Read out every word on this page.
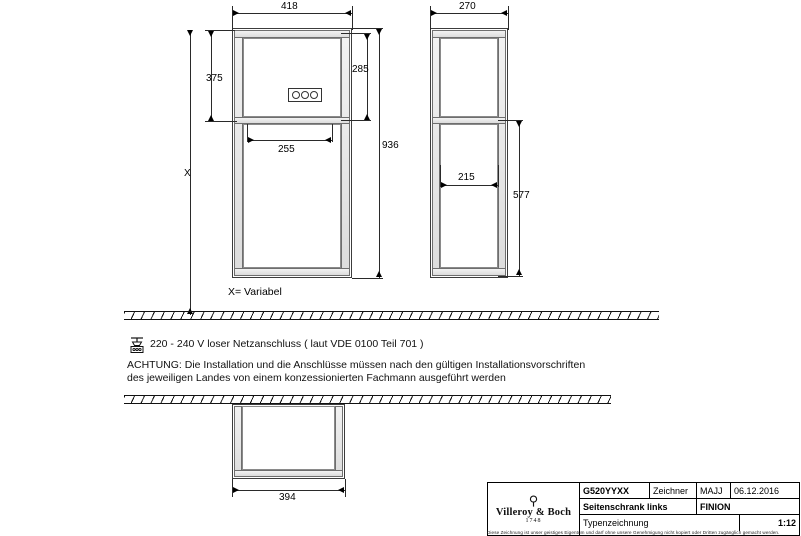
418
375
285
936
255
X
X= Variabel
270
215
577
220 - 240 V loser Netzanschluss ( laut VDE 0100 Teil 701 )
ACHTUNG: Die Installation und die Anschlüsse müssen nach den gültigen Installationsvorschriften
des jeweiligen Landes von einem konzessionierten Fachmann ausgeführt werden
394	⚲
Villeroy & Boch
1748
G520YYXX	Zeichner	MAJJ	06.12.2016
Seitenschrank links	FINION
Typenzeichnung	1:12
Diese Zeichnung ist unser geistiges Eigentum und darf ohne unsere Genehmigung nicht kopiert oder Dritten zugänglich gemacht werden.
